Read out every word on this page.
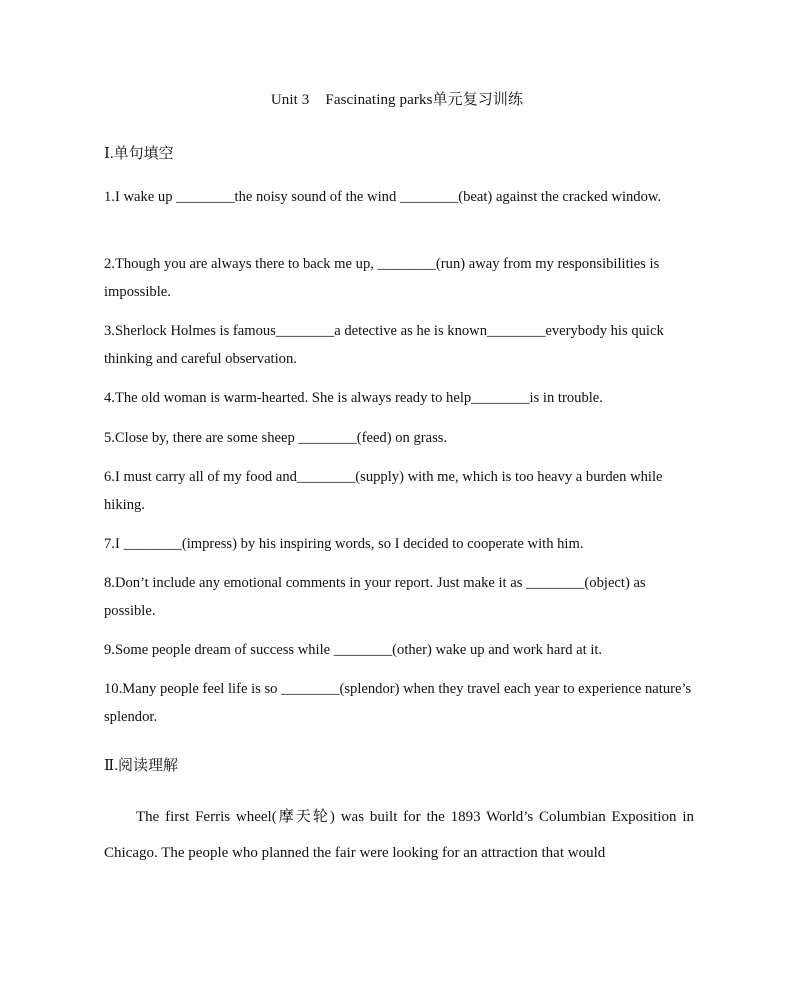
Unit 3 Fascinating parks单元复习训练
Ⅰ.单句填空
1.I wake up ________the noisy sound of the wind ________(beat) against the cracked window.
2.Though you are always there to back me up, ________(run) away from my responsibilities is impossible.
3.Sherlock Holmes is famous________a detective as he is known________everybody his quick thinking and careful observation.
4.The old woman is warm-hearted. She is always ready to help________is in trouble.
5.Close by, there are some sheep ________(feed) on grass.
6.I must carry all of my food and________(supply) with me, which is too heavy a burden while hiking.
7.I ________(impress) by his inspiring words, so I decided to cooperate with him.
8.Don’t include any emotional comments in your report. Just make it as ________(object) as possible.
9.Some people dream of success while ________(other) wake up and work hard at it.
10.Many people feel life is so ________(splendor) when they travel each year to experience nature’s splendor.
Ⅱ.阅读理解
The first Ferris wheel(摩天轮) was built for the 1893 World’s Columbian Exposition in Chicago. The people who planned the fair were looking for an attraction that would
